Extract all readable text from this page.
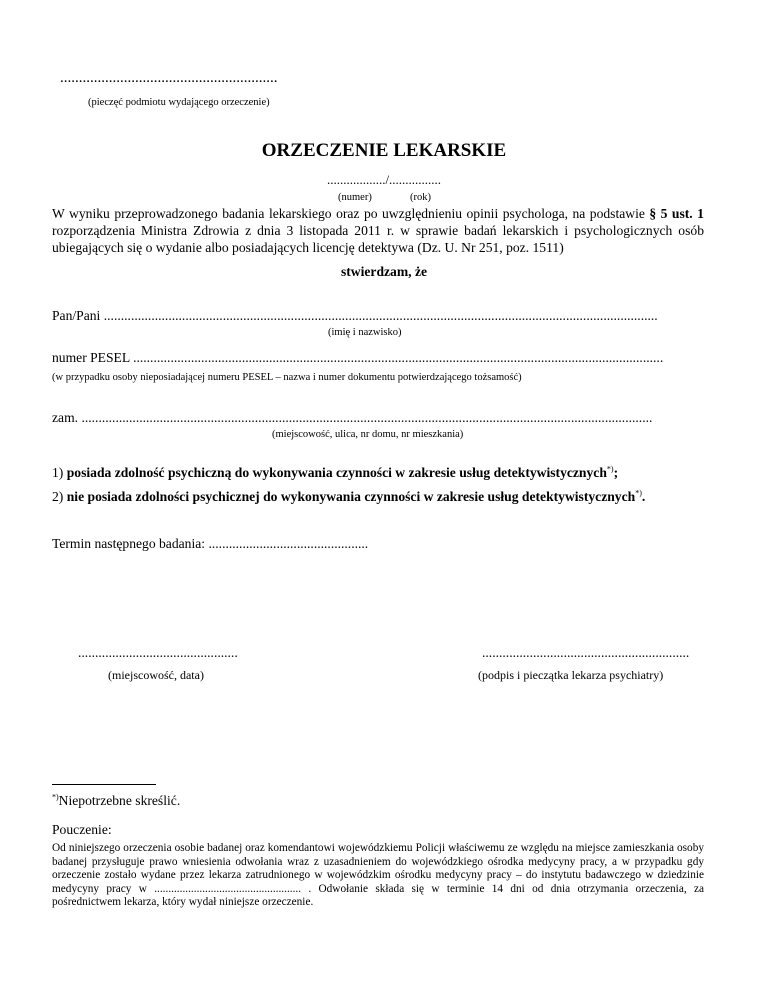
..........................................................
(pieczęć podmiotu wydającego orzeczenie)
ORZECZENIE LEKARSKIE
................../................
(numer)	(rok)
W wyniku przeprowadzonego badania lekarskiego oraz po uwzględnieniu opinii psychologa, na podstawie § 5 ust. 1 rozporządzenia Ministra Zdrowia z dnia 3 listopada 2011 r. w sprawie badań lekarskich i psychologicznych osób ubiegających się o wydanie albo posiadających licencję detektywa (Dz. U. Nr 251, poz. 1511)
stwierdzam, że
Pan/Pani ...................................................................................................................................................................
(imię i nazwisko)
numer PESEL ............................................................................................................................................................
(w przypadku osoby nieposiadającej numeru PESEL – nazwa i numer dokumentu potwierdzającego tożsamość)
zam. ........................................................................................................................................................................
(miejscowość, ulica, nr domu, nr mieszkania)
1) posiada zdolność psychiczną do wykonywania czynności w zakresie usług detektywistycznych*);
2) nie posiada zdolności psychicznej do wykonywania czynności w zakresie usług detektywistycznych*).
Termin następnego badania: ...............................................
...............................................
(miejscowość, data)
.............................................................
(podpis i pieczątka lekarza psychiatry)
*)Niepotrzebne skreślić.
Pouczenie:
Od niniejszego orzeczenia osobie badanej oraz komendantowi wojewódzkiemu Policji właściwemu ze względu na miejsce zamieszkania osoby badanej przysługuje prawo wniesienia odwołania wraz z uzasadnieniem do wojewódzkiego ośrodka medycyny pracy, a w przypadku gdy orzeczenie zostało wydane przez lekarza zatrudnionego w wojewódzkim ośrodku medycyny pracy – do instytutu badawczego w dziedzinie medycyny pracy w .................................................... . Odwołanie składa się w terminie 14 dni od dnia otrzymania orzeczenia, za pośrednictwem lekarza, który wydał niniejsze orzeczenie.
